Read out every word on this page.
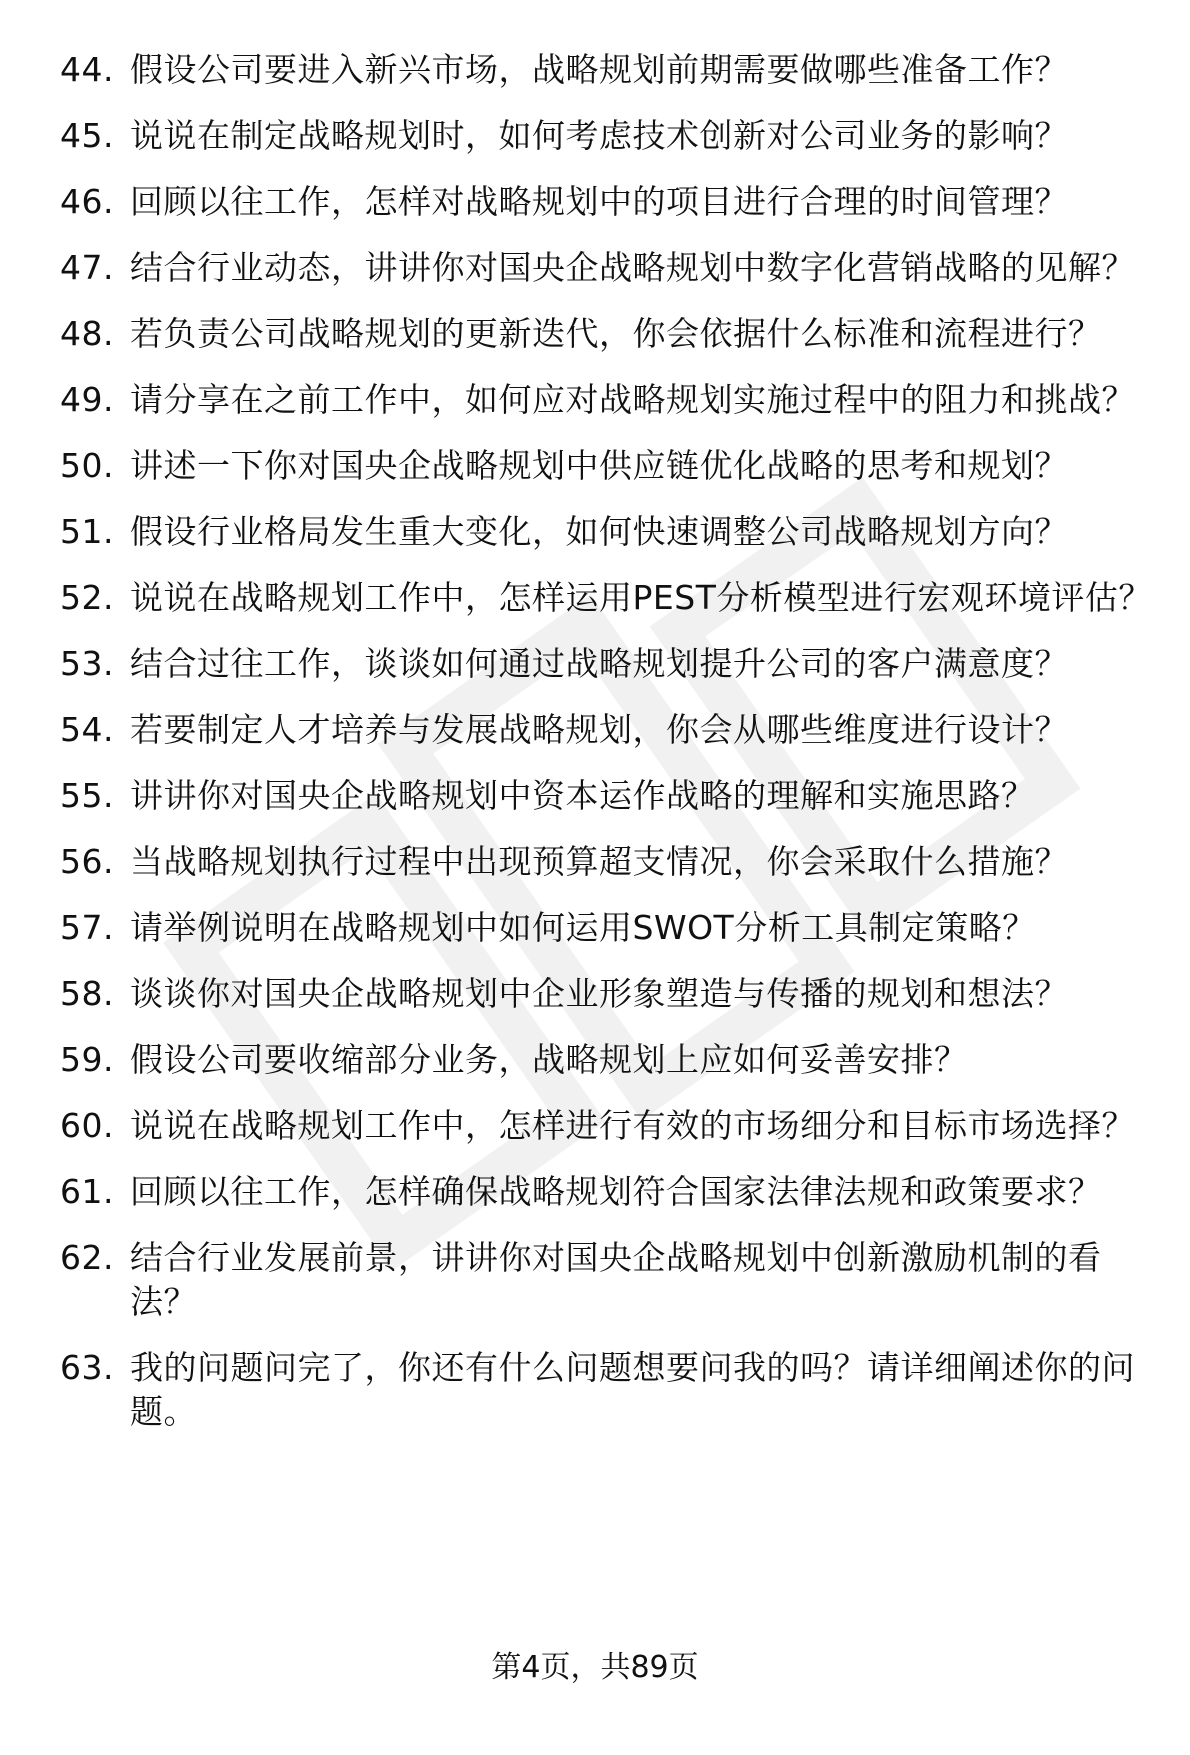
44. 假设公司要进入新兴市场，战略规划前期需要做哪些准备工作？
45. 说说在制定战略规划时，如何考虑技术创新对公司业务的影响？
46. 回顾以往工作，怎样对战略规划中的项目进行合理的时间管理？
47. 结合行业动态，讲讲你对国央企战略规划中数字化营销战略的见解？
48. 若负责公司战略规划的更新迭代，你会依据什么标准和流程进行？
49. 请分享在之前工作中，如何应对战略规划实施过程中的阻力和挑战？
50. 讲述一下你对国央企战略规划中供应链优化战略的思考和规划？
51. 假设行业格局发生重大变化，如何快速调整公司战略规划方向？
52. 说说在战略规划工作中，怎样运用PEST分析模型进行宏观环境评估？
53. 结合过往工作，谈谈如何通过战略规划提升公司的客户满意度？
54. 若要制定人才培养与发展战略规划，你会从哪些维度进行设计？
55. 讲讲你对国央企战略规划中资本运作战略的理解和实施思路？
56. 当战略规划执行过程中出现预算超支情况，你会采取什么措施？
57. 请举例说明在战略规划中如何运用SWOT分析工具制定策略？
58. 谈谈你对国央企战略规划中企业形象塑造与传播的规划和想法？
59. 假设公司要收缩部分业务，战略规划上应如何妥善安排？
60. 说说在战略规划工作中，怎样进行有效的市场细分和目标市场选择？
61. 回顾以往工作，怎样确保战略规划符合国家法律法规和政策要求？
62. 结合行业发展前景，讲讲你对国央企战略规划中创新激励机制的看法？
63. 我的问题问完了，你还有什么问题想要问我的吗？请详细阐述你的问题。
第4页，共89页
